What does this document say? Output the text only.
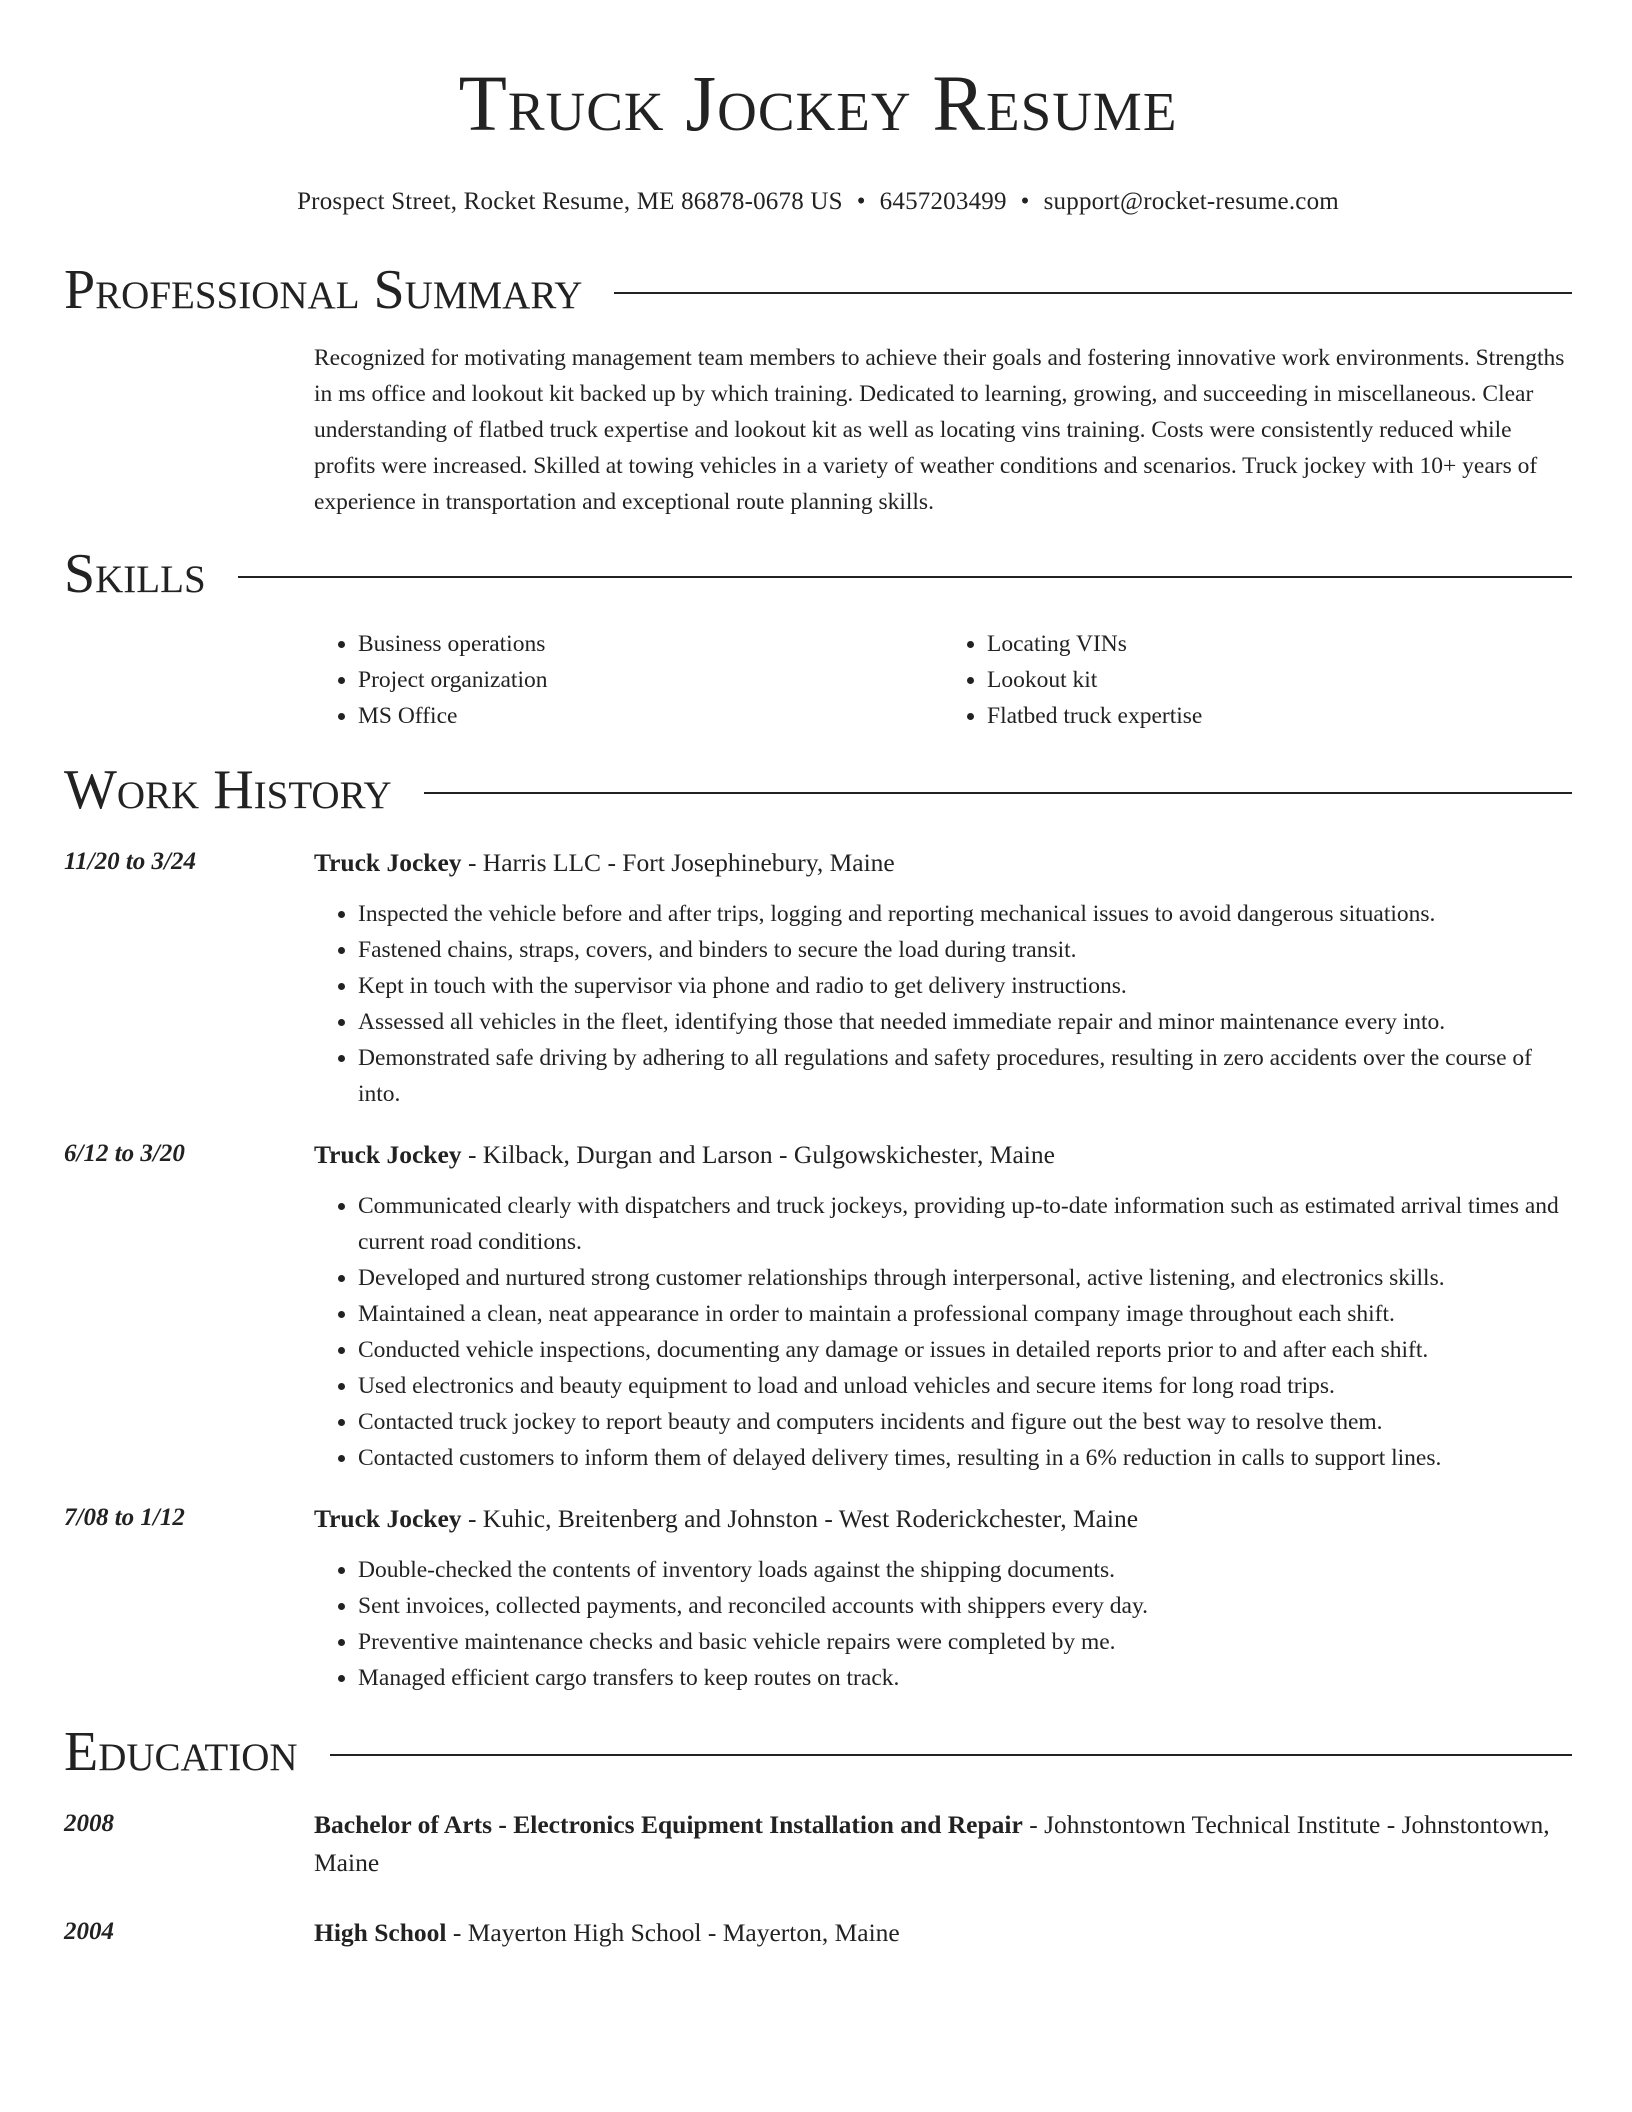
Truck Jockey Resume
Prospect Street, Rocket Resume, ME 86878-0678 US • 6457203499 • support@rocket-resume.com
Professional Summary
Recognized for motivating management team members to achieve their goals and fostering innovative work environments. Strengths in ms office and lookout kit backed up by which training. Dedicated to learning, growing, and succeeding in miscellaneous. Clear understanding of flatbed truck expertise and lookout kit as well as locating vins training. Costs were consistently reduced while profits were increased. Skilled at towing vehicles in a variety of weather conditions and scenarios. Truck jockey with 10+ years of experience in transportation and exceptional route planning skills.
Skills
• Business operations
• Project organization
• MS Office
• Locating VINs
• Lookout kit
• Flatbed truck expertise
Work History
11/20 to 3/24	Truck Jockey - Harris LLC - Fort Josephinebury, Maine
• Inspected the vehicle before and after trips, logging and reporting mechanical issues to avoid dangerous situations.
• Fastened chains, straps, covers, and binders to secure the load during transit.
• Kept in touch with the supervisor via phone and radio to get delivery instructions.
• Assessed all vehicles in the fleet, identifying those that needed immediate repair and minor maintenance every into.
• Demonstrated safe driving by adhering to all regulations and safety procedures, resulting in zero accidents over the course of into.
6/12 to 3/20	Truck Jockey - Kilback, Durgan and Larson - Gulgowskichester, Maine
• Communicated clearly with dispatchers and truck jockeys, providing up-to-date information such as estimated arrival times and current road conditions.
• Developed and nurtured strong customer relationships through interpersonal, active listening, and electronics skills.
• Maintained a clean, neat appearance in order to maintain a professional company image throughout each shift.
• Conducted vehicle inspections, documenting any damage or issues in detailed reports prior to and after each shift.
• Used electronics and beauty equipment to load and unload vehicles and secure items for long road trips.
• Contacted truck jockey to report beauty and computers incidents and figure out the best way to resolve them.
• Contacted customers to inform them of delayed delivery times, resulting in a 6% reduction in calls to support lines.
7/08 to 1/12	Truck Jockey - Kuhic, Breitenberg and Johnston - West Roderickchester, Maine
• Double-checked the contents of inventory loads against the shipping documents.
• Sent invoices, collected payments, and reconciled accounts with shippers every day.
• Preventive maintenance checks and basic vehicle repairs were completed by me.
• Managed efficient cargo transfers to keep routes on track.
Education
2008	Bachelor of Arts - Electronics Equipment Installation and Repair - Johnstontown Technical Institute - Johnstontown, Maine
2004	High School - Mayerton High School - Mayerton, Maine
